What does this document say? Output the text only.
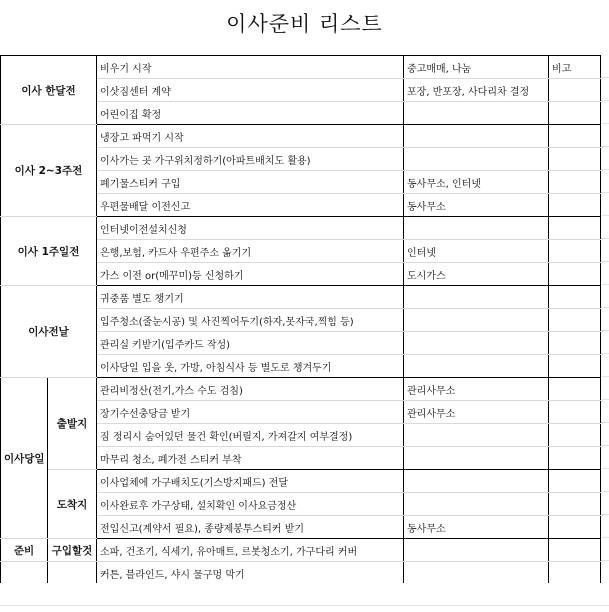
이사준비 리스트
이사 한달전		비우기 시작	중고매매, 나눔	비고
		이삿짐센터 계약	포장, 반포장, 사다리차 결정	
		어린이집 확정		
이사 2~3주전		냉장고 파먹기 시작		
		이사가는 곳 가구위치정하기(아파트배치도 활용)		
		폐기물스티커 구입	동사무소, 인터넷	
		우편물배달 이전신고	동사무소	
이사 1주일전		인터넷이전설치신청		
		은행,보험, 카드사 우편주소 옮기기	인터넷	
		가스 이전 or(메꾸미)등 신청하기	도시가스	
이사전날		귀중품 별도 챙기기		
		입주청소(줄눈시공) 및 사진찍어두기(하자,못자국,찍힘 등)		
		관리실 키받기(입주카드 작성)		
		이사당일 입을 옷, 가방, 아침식사 등 별도로 챙겨두기		
이사당일	출발지	관리비정산(전기,가스 수도 검침)	관리사무소	
		장기수선충당금 받기	관리사무소	
		짐 정리시 숨어있던 물건 확인(버릴지, 가져갈지 여부결정)		
		마무리 청소, 폐가전 스티커 부착		
	도착지	이사업체에 가구배치도(기스방지패드) 전달		
		이사완료후 가구상태, 설치확인 이사요금정산		
		전입신고(계약서 필요), 종량제봉투스티커 받기	동사무소	
준비	구입할것	소파, 건조기, 식세기, 유아매트, 르봇청소기, 가구다리 커버		
		커튼, 블라인드, 샤시 물구멍 막기		
